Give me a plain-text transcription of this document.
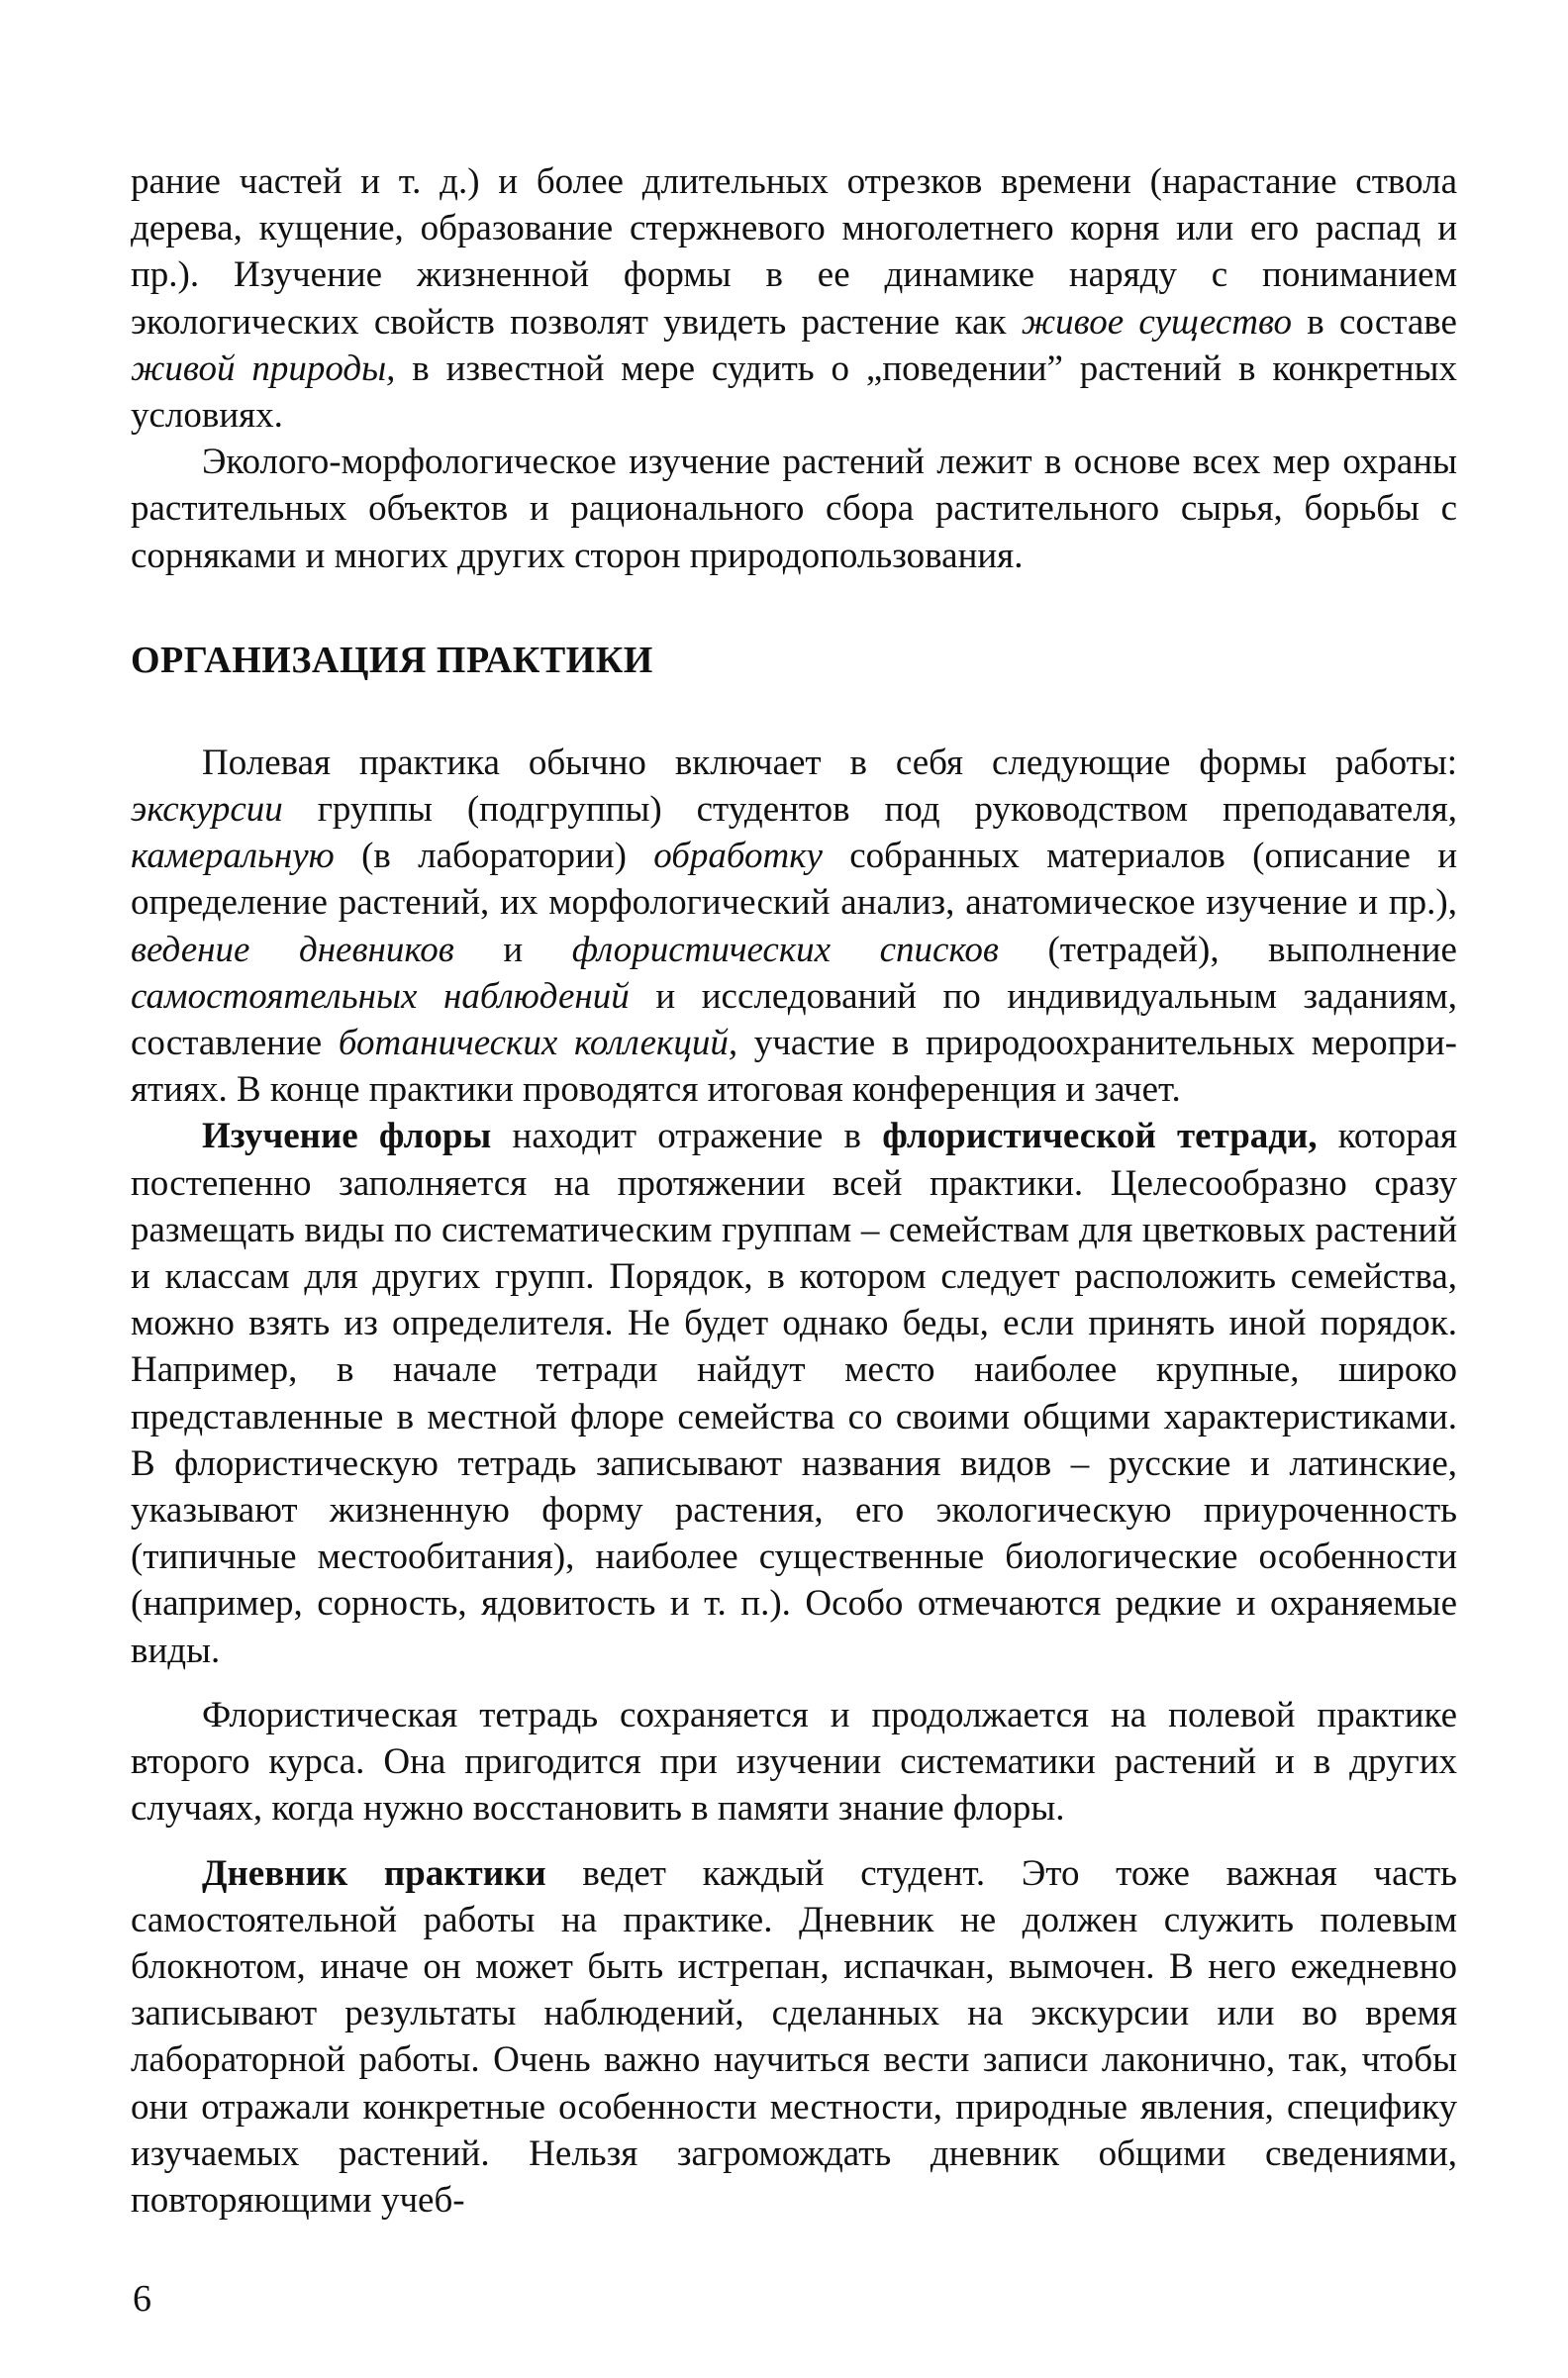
рание частей и т. д.) и более длительных отрезков времени (нарастание ствола дерева, кущение, образование стержневого многолетнего корня или его распад и пр.). Изучение жизненной формы в ее динамике наряду с пониманием экологических свойств позволят увидеть растение как живое существо в составе живой природы, в известной мере судить о „поведении” растений в конкретных условиях.

Эколого-морфологическое изучение растений лежит в основе всех мер охраны растительных объектов и рационального сбора растительного сырья, борьбы с сорняками и многих других сторон природопользования.

ОРГАНИЗАЦИЯ ПРАКТИКИ

Полевая практика обычно включает в себя следующие формы работы: экскурсии группы (подгруппы) студентов под руководством преподавателя, камеральную (в лаборатории) обработку собранных материалов (описание и определение растений, их морфологический анализ, анатомическое изучение и пр.), ведение дневников и флористических списков (тетрадей), выполнение самостоятельных наблюдений и исследований по индивидуальным заданиям, составление ботанических коллекций, участие в природоохранительных мероприятиях. В конце практики проводятся итоговая конференция и зачет.

Изучение флоры находит отражение в флористической тетради, которая постепенно заполняется на протяжении всей практики. Целесообразно сразу размещать виды по систематическим группам – семействам для цветковых растений и классам для других групп. Порядок, в котором следует расположить семейства, можно взять из определителя. Не будет однако беды, если принять иной порядок. Например, в начале тетради найдут место наиболее крупные, широко представленные в местной флоре семейства со своими общими характеристиками. В флористическую тетрадь записывают названия видов – русские и латинские, указывают жизненную форму растения, его экологическую приуроченность (типичные местообитания), наиболее существенные биологические особенности (например, сорность, ядовитость и т. п.). Особо отмечаются редкие и охраняемые виды.

Флористическая тетрадь сохраняется и продолжается на полевой практике второго курса. Она пригодится при изучении систематики растений и в других случаях, когда нужно восстановить в памяти знание флоры.

Дневник практики ведет каждый студент. Это тоже важная часть самостоятельной работы на практике. Дневник не должен служить полевым блокнотом, иначе он может быть истрепан, испачкан, вымочен. В него ежедневно записывают результаты наблюдений, сделанных на экскурсии или во время лабораторной работы. Очень важно научиться вести записи лаконично, так, чтобы они отражали конкретные особенности местности, природные явления, специфику изучаемых растений. Нельзя загромождать дневник общими сведениями, повторяющими учеб-

6
